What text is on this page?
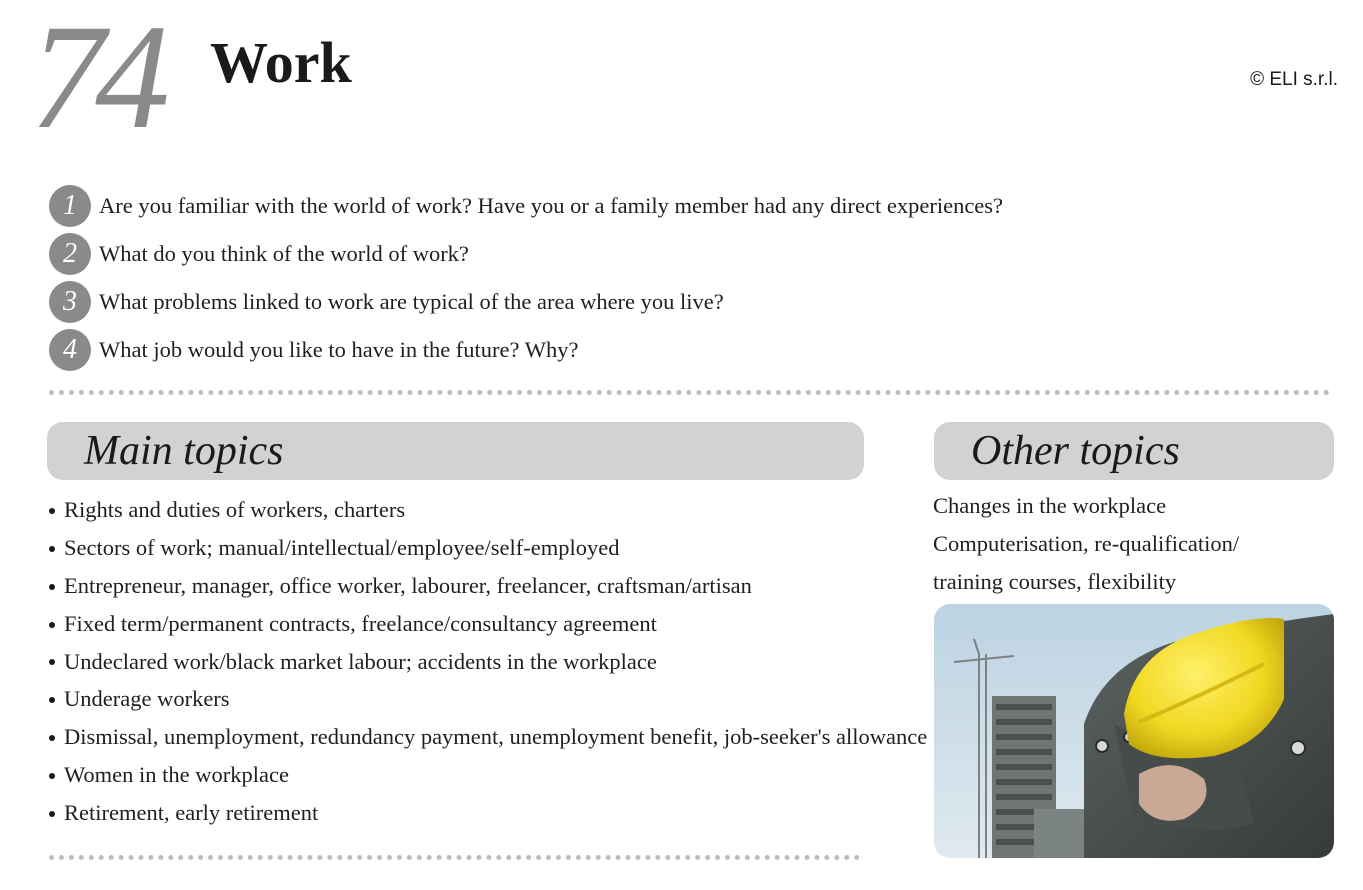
74 Work	© ELI s.r.l.
1 Are you familiar with the world of work? Have you or a family member had any direct experiences?
2 What do you think of the world of work?
3 What problems linked to work are typical of the area where you live?
4 What job would you like to have in the future? Why?
Main topics	Other topics
Rights and duties of workers, charters
Sectors of work; manual/intellectual/employee/self-employed
Entrepreneur, manager, office worker, labourer, freelancer, craftsman/artisan
Fixed term/permanent contracts, freelance/consultancy agreement
Undeclared work/black market labour; accidents in the workplace
Underage workers
Dismissal, unemployment, redundancy payment, unemployment benefit, job-seeker's allowance
Women in the workplace
Retirement, early retirement
Changes in the workplace
Computerisation, re-qualification/
training courses, flexibility
